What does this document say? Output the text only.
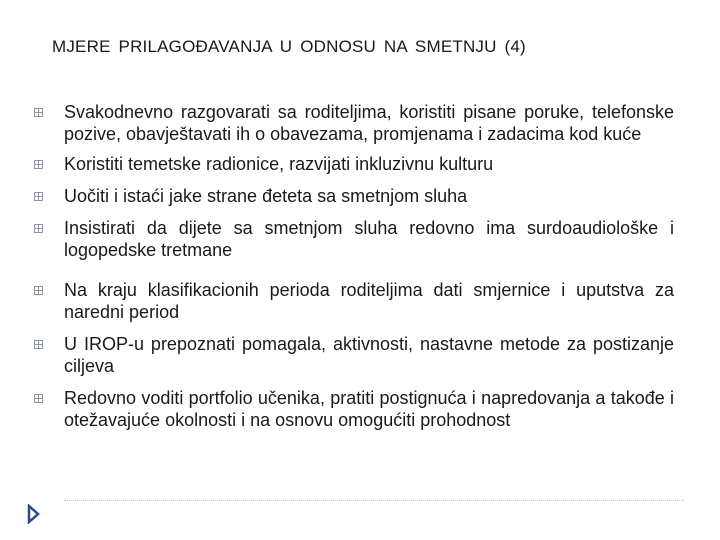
MJERE PRILAGOĐAVANJA U ODNOSU NA SMETNJU (4)
Svakodnevno razgovarati sa roditeljima, koristiti pisane poruke, telefonske pozive, obavještavati ih o obavezama, promjenama i zadacima kod kuće
Koristiti temetske radionice, razvijati inkluzivnu kulturu
Uočiti i istaći jake strane đeteta sa smetnjom sluha
Insistirati da dijete sa smetnjom sluha redovno ima surdoaudiološke i logopedske tretmane
Na kraju klasifikacionih perioda roditeljima dati smjernice i uputstva za naredni period
U IROP-u prepoznati pomagala, aktivnosti, nastavne metode za postizanje ciljeva
Redovno voditi portfolio učenika, pratiti postignuća i napredovanja a takođe i otežavajuće okolnosti i na osnovu omogućiti prohodnost
